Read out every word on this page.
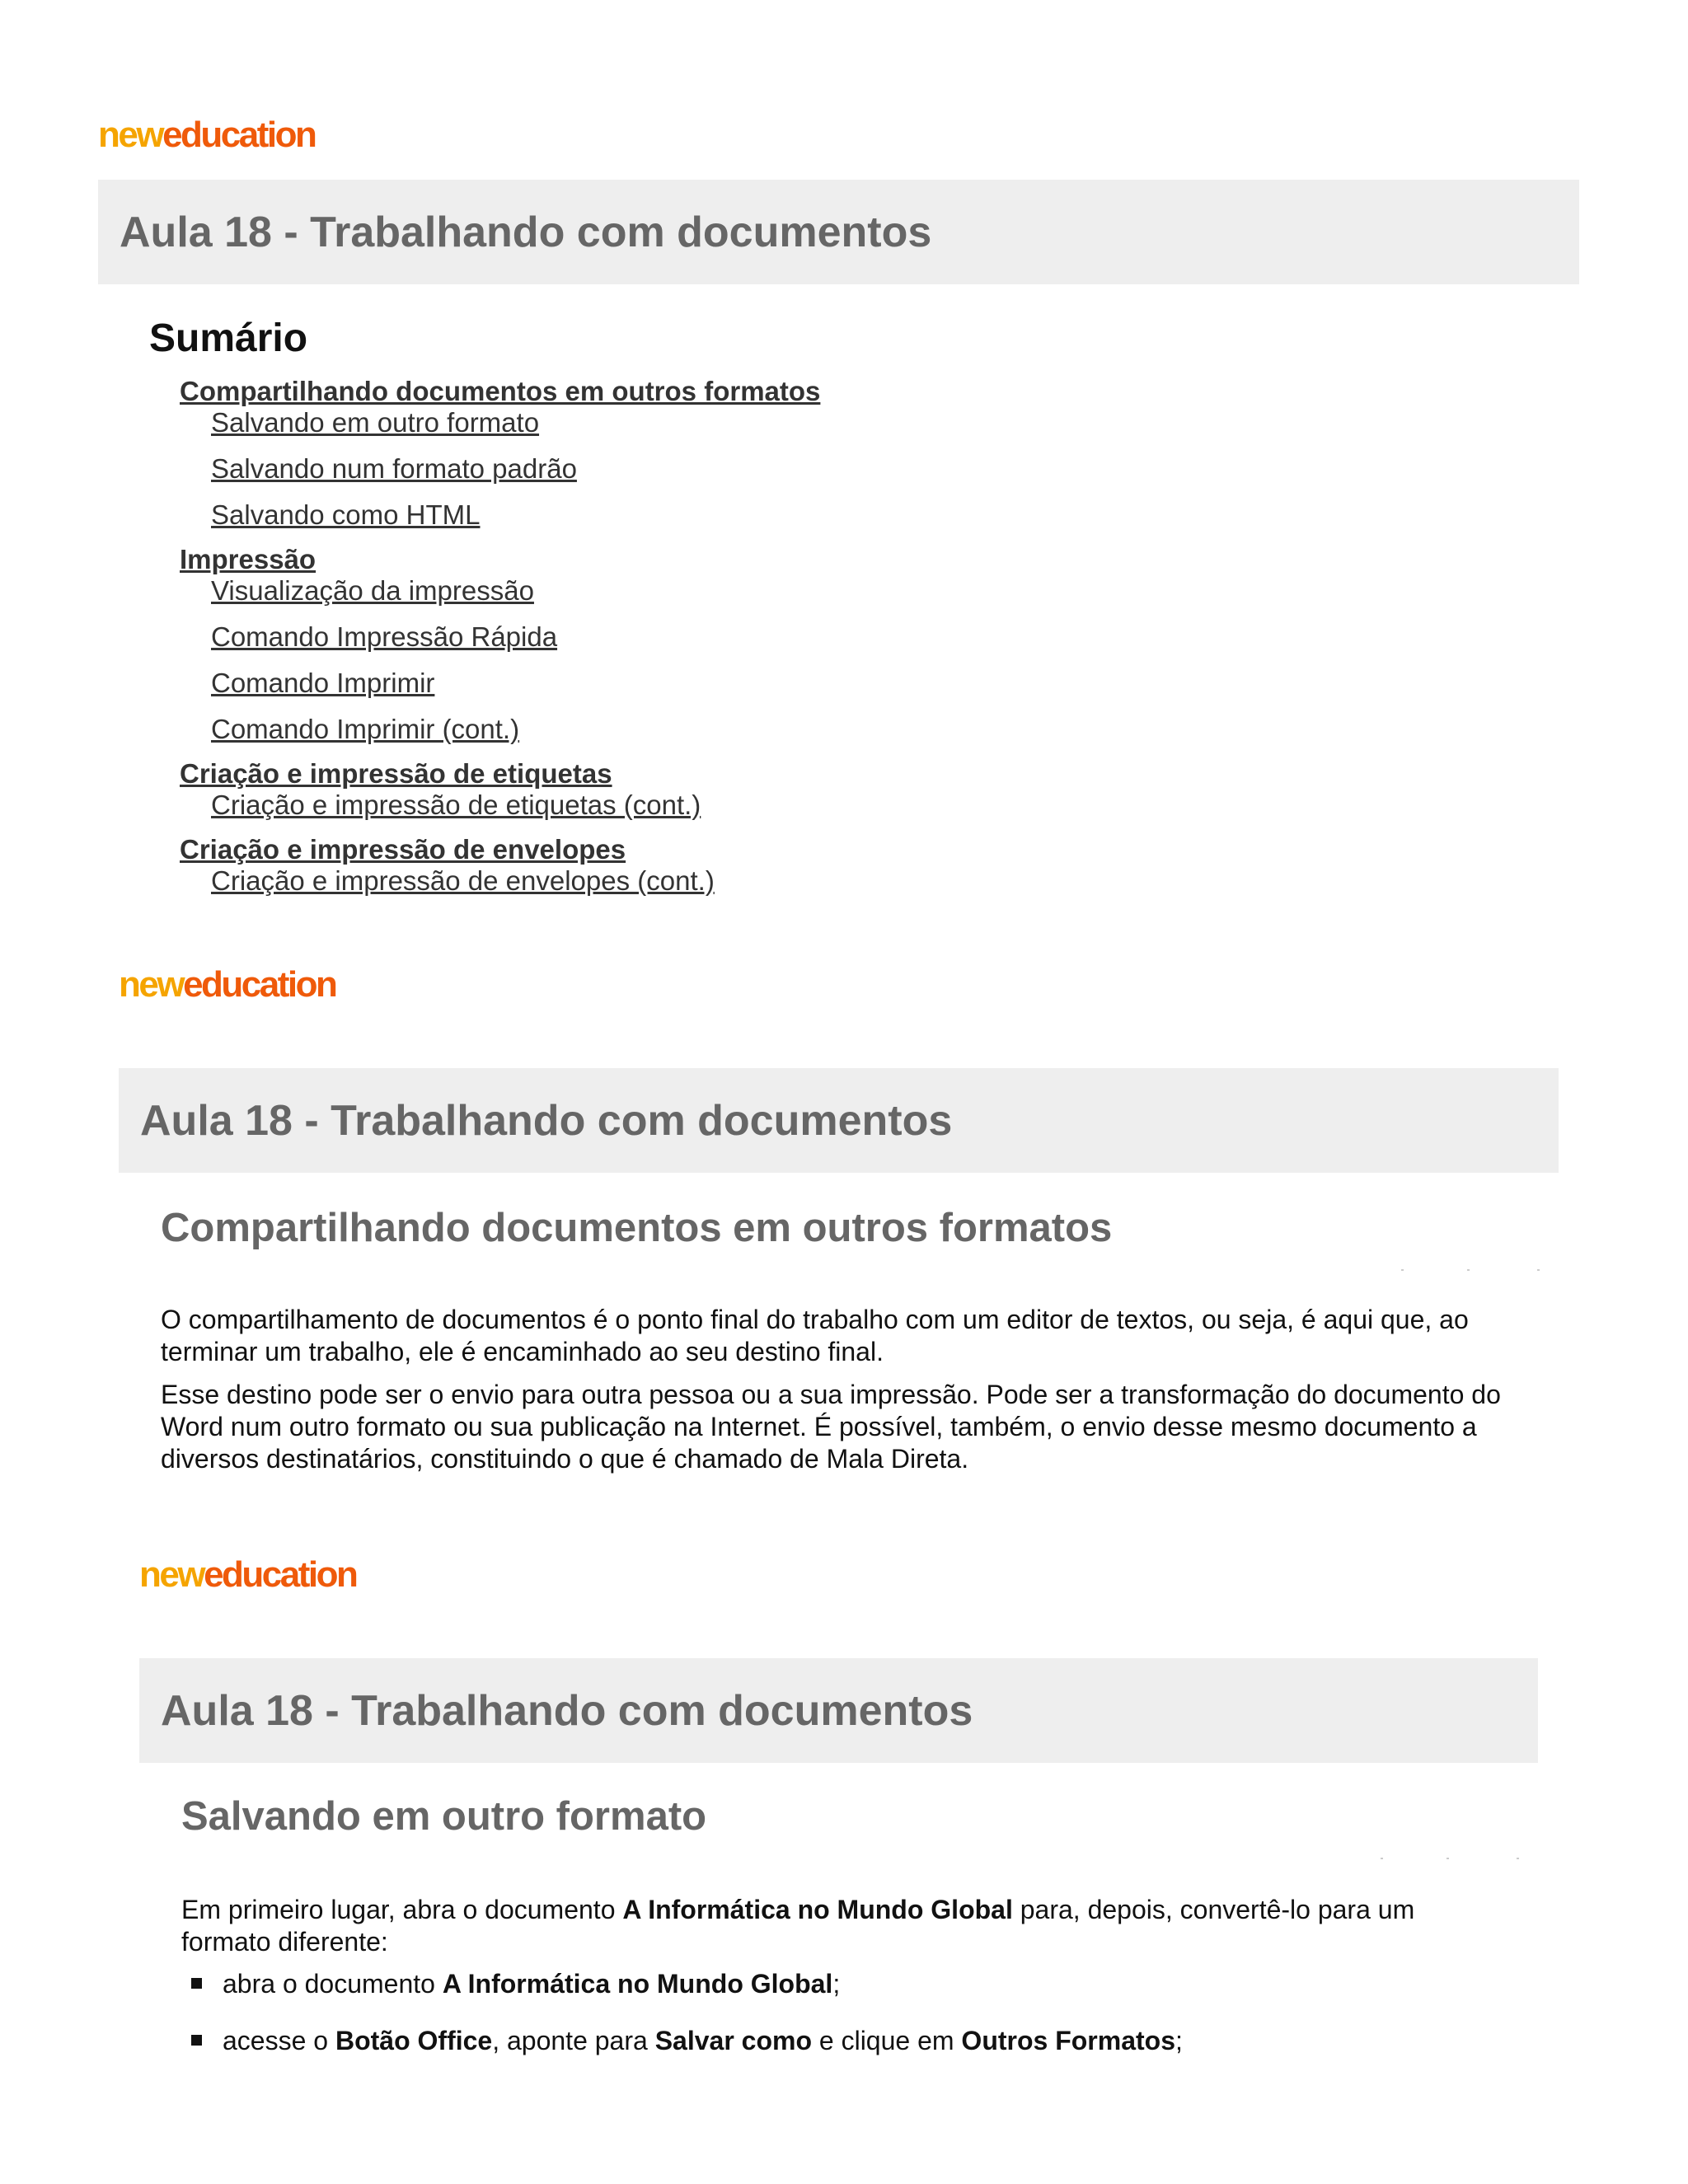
neweducation
Aula 18 - Trabalhando com documentos
Sumário
Compartilhando documentos em outros formatos
Salvando em outro formato
Salvando num formato padrão
Salvando como HTML
Impressão
Visualização da impressão
Comando Impressão Rápida
Comando Imprimir
Comando Imprimir (cont.)
Criação e impressão de etiquetas
Criação e impressão de etiquetas (cont.)
Criação e impressão de envelopes
Criação e impressão de envelopes (cont.)
neweducation
Aula 18 - Trabalhando com documentos
Compartilhando documentos em outros formatos

O compartilhamento de documentos é o ponto final do trabalho com um editor de textos, ou seja, é aqui que, ao terminar um trabalho, ele é encaminhado ao seu destino final.

Esse destino pode ser o envio para outra pessoa ou a sua impressão. Pode ser a transformação do documento do Word num outro formato ou sua publicação na Internet. É possível, também, o envio desse mesmo documento a diversos destinatários, constituindo o que é chamado de Mala Direta.

neweducation
Aula 18 - Trabalhando com documentos
Salvando em outro formato

Em primeiro lugar, abra o documento A Informática no Mundo Global para, depois, convertê-lo para um formato diferente:

abra o documento A Informática no Mundo Global;
acesse o Botão Office, aponte para Salvar como e clique em Outros Formatos;
